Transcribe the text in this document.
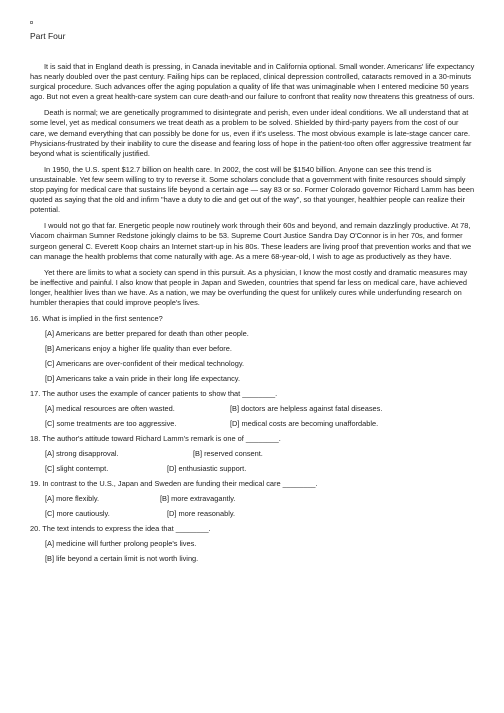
Part Four

It is said that in England death is pressing, in Canada inevitable and in California optional. Small wonder. Americans' life expectancy has nearly doubled over the past century. Failing hips can be replaced, clinical depression controlled, cataracts removed in a 30-minuts surgical procedure. Such advances offer the aging population a quality of life that was unimaginable when I entered medicine 50 years ago. But not even a great health-care system can cure death-and our failure to confront that reality now threatens this greatness of ours.

Death is normal; we are genetically programmed to disintegrate and perish, even under ideal conditions. We all understand that at some level, yet as medical consumers we treat death as a problem to be solved. Shielded by third-party payers from the cost of our care, we demand everything that can possibly be done for us, even if it's useless. The most obvious example is late-stage cancer care. Physicians-frustrated by their inability to cure the disease and fearing loss of hope in the patient-too often offer aggressive treatment far beyond what is scientifically justified.

In 1950, the U.S. spent $12.7 billion on health care. In 2002, the cost will be $1540 billion. Anyone can see this trend is unsustainable. Yet few seem willing to try to reverse it. Some scholars conclude that a government with finite resources should simply stop paying for medical care that sustains life beyond a certain age — say 83 or so. Former Colorado governor Richard Lamm has been quoted as saying that the old and infirm "have a duty to die and get out of the way", so that younger, healthier people can realize their potential.

I would not go that far. Energetic people now routinely work through their 60s and beyond, and remain dazzlingly productive. At 78, Viacom chairman Sumner Redstone jokingly claims to be 53. Supreme Court Justice Sandra Day O'Connor is in her 70s, and former surgeon general C. Everett Koop chairs an Internet start-up in his 80s. These leaders are living proof that prevention works and that we can manage the health problems that come naturally with age. As a mere 68-year-old, I wish to age as productively as they have.

Yet there are limits to what a society can spend in this pursuit. As a physician, I know the most costly and dramatic measures may be ineffective and painful. I also know that people in Japan and Sweden, countries that spend far less on medical care, have achieved longer, healthier lives than we have. As a nation, we may be overfunding the quest for unlikely cures while underfunding research on humbler therapies that could improve people's lives.

16. What is implied in the first sentence?

[A] Americans are better prepared for death than other people.

[B] Americans enjoy a higher life quality than ever before.

[C] Americans are over-confident of their medical technology.

[D] Americans take a vain pride in their long life expectancy.

17. The author uses the example of cancer patients to show that ________.

[A] medical resources are often wasted.	[B] doctors are helpless against fatal diseases.
[C] some treatments are too aggressive.	[D] medical costs are becoming unaffordable.

18. The author's attitude toward Richard Lamm's remark is one of ________.

[A] strong disapproval.	[B] reserved consent.
[C] slight contempt.	[D] enthusiastic support.

19. In contrast to the U.S., Japan and Sweden are funding their medical care ________.

[A] more flexibly.	[B] more extravagantly.
[C] more cautiously.	[D] more reasonably.

20. The text intends to express the idea that ________.

[A] medicine will further prolong people's lives.

[B] life beyond a certain limit is not worth living.
